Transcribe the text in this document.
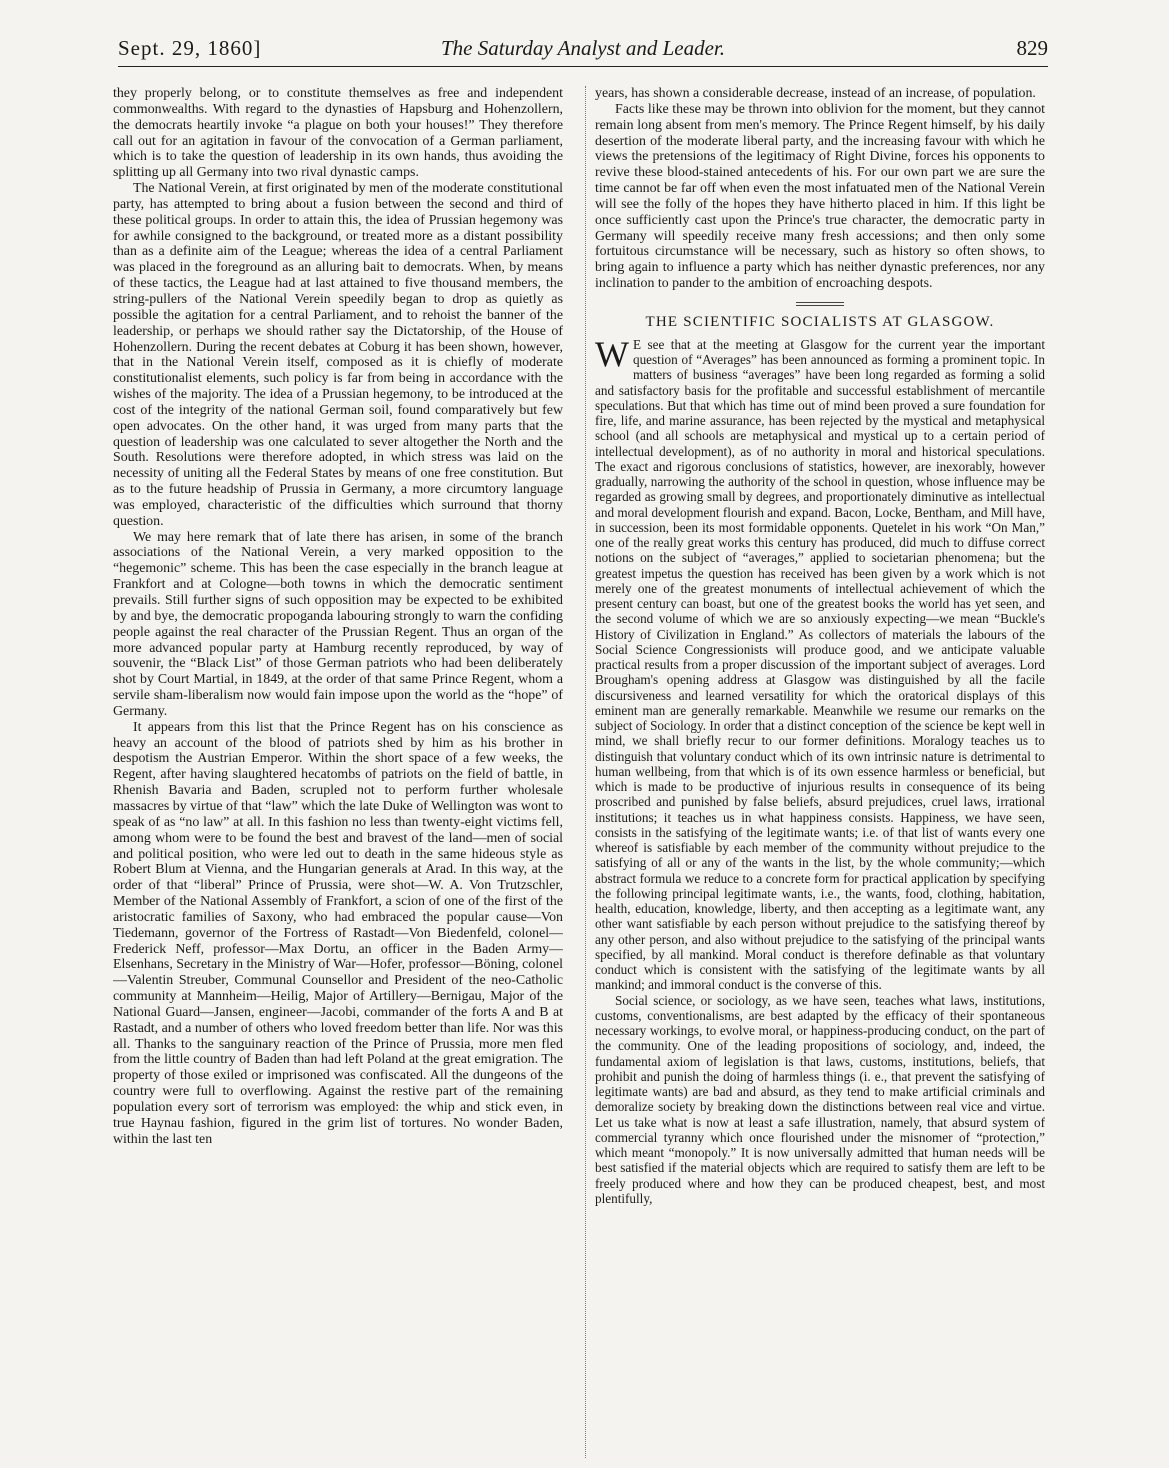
Sept. 29, 1860]	The Saturday Analyst and Leader.	829

they properly belong, or to constitute themselves as free and independent commonwealths. With regard to the dynasties of Hapsburg and Hohenzollern, the democrats heartily invoke “a plague on both your houses!” They therefore call out for an agitation in favour of the convocation of a German parliament, which is to take the question of leadership in its own hands, thus avoiding the splitting up all Germany into two rival dynastic camps.

The National Verein, at first originated by men of the moderate constitutional party, has attempted to bring about a fusion between the second and third of these political groups. In order to attain this, the idea of Prussian hegemony was for awhile consigned to the background, or treated more as a distant possibility than as a definite aim of the League; whereas the idea of a central Parliament was placed in the foreground as an alluring bait to democrats. When, by means of these tactics, the League had at last attained to five thousand members, the string-pullers of the National Verein speedily began to drop as quietly as possible the agitation for a central Parliament, and to rehoist the banner of the leadership, or perhaps we should rather say the Dictatorship, of the House of Hohenzollern. During the recent debates at Coburg it has been shown, however, that in the National Verein itself, composed as it is chiefly of moderate constitutionalist elements, such policy is far from being in accordance with the wishes of the majority. The idea of a Prussian hegemony, to be introduced at the cost of the integrity of the national German soil, found comparatively but few open advocates. On the other hand, it was urged from many parts that the question of leadership was one calculated to sever altogether the North and the South. Resolutions were therefore adopted, in which stress was laid on the necessity of uniting all the Federal States by means of one free constitution. But as to the future headship of Prussia in Germany, a more circumtory language was employed, characteristic of the difficulties which surround that thorny question.

We may here remark that of late there has arisen, in some of the branch associations of the National Verein, a very marked opposition to the “hegemonic” scheme. This has been the case especially in the branch league at Frankfort and at Cologne—both towns in which the democratic sentiment prevails. Still further signs of such opposition may be expected to be exhibited by and bye, the democratic propoganda labouring strongly to warn the confiding people against the real character of the Prussian Regent. Thus an organ of the more advanced popular party at Hamburg recently reproduced, by way of souvenir, the “Black List” of those German patriots who had been deliberately shot by Court Martial, in 1849, at the order of that same Prince Regent, whom a servile sham-liberalism now would fain impose upon the world as the “hope” of Germany.

It appears from this list that the Prince Regent has on his conscience as heavy an account of the blood of patriots shed by him as his brother in despotism the Austrian Emperor. Within the short space of a few weeks, the Regent, after having slaughtered hecatombs of patriots on the field of battle, in Rhenish Bavaria and Baden, scrupled not to perform further wholesale massacres by virtue of that “law” which the late Duke of Wellington was wont to speak of as “no law” at all. In this fashion no less than twenty-eight victims fell, among whom were to be found the best and bravest of the land—men of social and political position, who were led out to death in the same hideous style as Robert Blum at Vienna, and the Hungarian generals at Arad. In this way, at the order of that “liberal” Prince of Prussia, were shot—W. A. Von Trutzschler, Member of the National Assembly of Frankfort, a scion of one of the first of the aristocratic families of Saxony, who had embraced the popular cause—Von Tiedemann, governor of the Fortress of Rastadt—Von Biedenfeld, colonel—Frederick Neff, professor—Max Dortu, an officer in the Baden Army—Elsenhans, Secretary in the Ministry of War—Hofer, professor—Böning, colonel—Valentin Streuber, Communal Counsellor and President of the neo-Catholic community at Mannheim—Heilig, Major of Artillery—Bernigau, Major of the National Guard—Jansen, engineer—Jacobi, commander of the forts A and B at Rastadt, and a number of others who loved freedom better than life. Nor was this all. Thanks to the sanguinary reaction of the Prince of Prussia, more men fled from the little country of Baden than had left Poland at the great emigration. The property of those exiled or imprisoned was confiscated. All the dungeons of the country were full to overflowing. Against the restive part of the remaining population every sort of terrorism was employed: the whip and stick even, in true Haynau fashion, figured in the grim list of tortures. No wonder Baden, within the last ten

years, has shown a considerable decrease, instead of an increase, of population.

Facts like these may be thrown into oblivion for the moment, but they cannot remain long absent from men's memory. The Prince Regent himself, by his daily desertion of the moderate liberal party, and the increasing favour with which he views the pretensions of the legitimacy of Right Divine, forces his opponents to revive these blood-stained antecedents of his. For our own part we are sure the time cannot be far off when even the most infatuated men of the National Verein will see the folly of the hopes they have hitherto placed in him. If this light be once sufficiently cast upon the Prince's true character, the democratic party in Germany will speedily receive many fresh accessions; and then only some fortuitous circumstance will be necessary, such as history so often shows, to bring again to influence a party which has neither dynastic preferences, nor any inclination to pander to the ambition of encroaching despots.

THE SCIENTIFIC SOCIALISTS AT GLASGOW.

W E see that at the meeting at Glasgow for the current year the important question of “Averages” has been announced as forming a prominent topic. In matters of business “averages” have been long regarded as forming a solid and satisfactory basis for the profitable and successful establishment of mercantile speculations. But that which has time out of mind been proved a sure foundation for fire, life, and marine assurance, has been rejected by the mystical and metaphysical school (and all schools are metaphysical and mystical up to a certain period of intellectual development), as of no authority in moral and historical speculations. The exact and rigorous conclusions of statistics, however, are inexorably, however gradually, narrowing the authority of the school in question, whose influence may be regarded as growing small by degrees, and proportionately diminutive as intellectual and moral development flourish and expand. Bacon, Locke, Bentham, and Mill have, in succession, been its most formidable opponents. Quetelet in his work “On Man,” one of the really great works this century has produced, did much to diffuse correct notions on the subject of “averages,” applied to societarian phenomena; but the greatest impetus the question has received has been given by a work which is not merely one of the greatest monuments of intellectual achievement of which the present century can boast, but one of the greatest books the world has yet seen, and the second volume of which we are so anxiously expecting—we mean “Buckle's History of Civilization in England.” As collectors of materials the labours of the Social Science Congressionists will produce good, and we anticipate valuable practical results from a proper discussion of the important subject of averages. Lord Brougham's opening address at Glasgow was distinguished by all the facile discursiveness and learned versatility for which the oratorical displays of this eminent man are generally remarkable. Meanwhile we resume our remarks on the subject of Sociology. In order that a distinct conception of the science be kept well in mind, we shall briefly recur to our former definitions. Moralogy teaches us to distinguish that voluntary conduct which of its own intrinsic nature is detrimental to human wellbeing, from that which is of its own essence harmless or beneficial, but which is made to be productive of injurious results in consequence of its being proscribed and punished by false beliefs, absurd prejudices, cruel laws, irrational institutions; it teaches us in what happiness consists. Happiness, we have seen, consists in the satisfying of the legitimate wants; i.e. of that list of wants every one whereof is satisfiable by each member of the community without prejudice to the satisfying of all or any of the wants in the list, by the whole community;—which abstract formula we reduce to a concrete form for practical application by specifying the following principal legitimate wants, i.e., the wants, food, clothing, habitation, health, education, knowledge, liberty, and then accepting as a legitimate want, any other want satisfiable by each person without prejudice to the satisfying thereof by any other person, and also without prejudice to the satisfying of the principal wants specified, by all mankind. Moral conduct is therefore definable as that voluntary conduct which is consistent with the satisfying of the legitimate wants by all mankind; and immoral conduct is the converse of this.

Social science, or sociology, as we have seen, teaches what laws, institutions, customs, conventionalisms, are best adapted by the efficacy of their spontaneous necessary workings, to evolve moral, or happiness-producing conduct, on the part of the community. One of the leading propositions of sociology, and, indeed, the fundamental axiom of legislation is that laws, customs, institutions, beliefs, that prohibit and punish the doing of harmless things (i. e., that prevent the satisfying of legitimate wants) are bad and absurd, as they tend to make artificial criminals and demoralize society by breaking down the distinctions between real vice and virtue. Let us take what is now at least a safe illustration, namely, that absurd system of commercial tyranny which once flourished under the misnomer of “protection,” which meant “monopoly.” It is now universally admitted that human needs will be best satisfied if the material objects which are required to satisfy them are left to be freely produced where and how they can be produced cheapest, best, and most plentifully,
